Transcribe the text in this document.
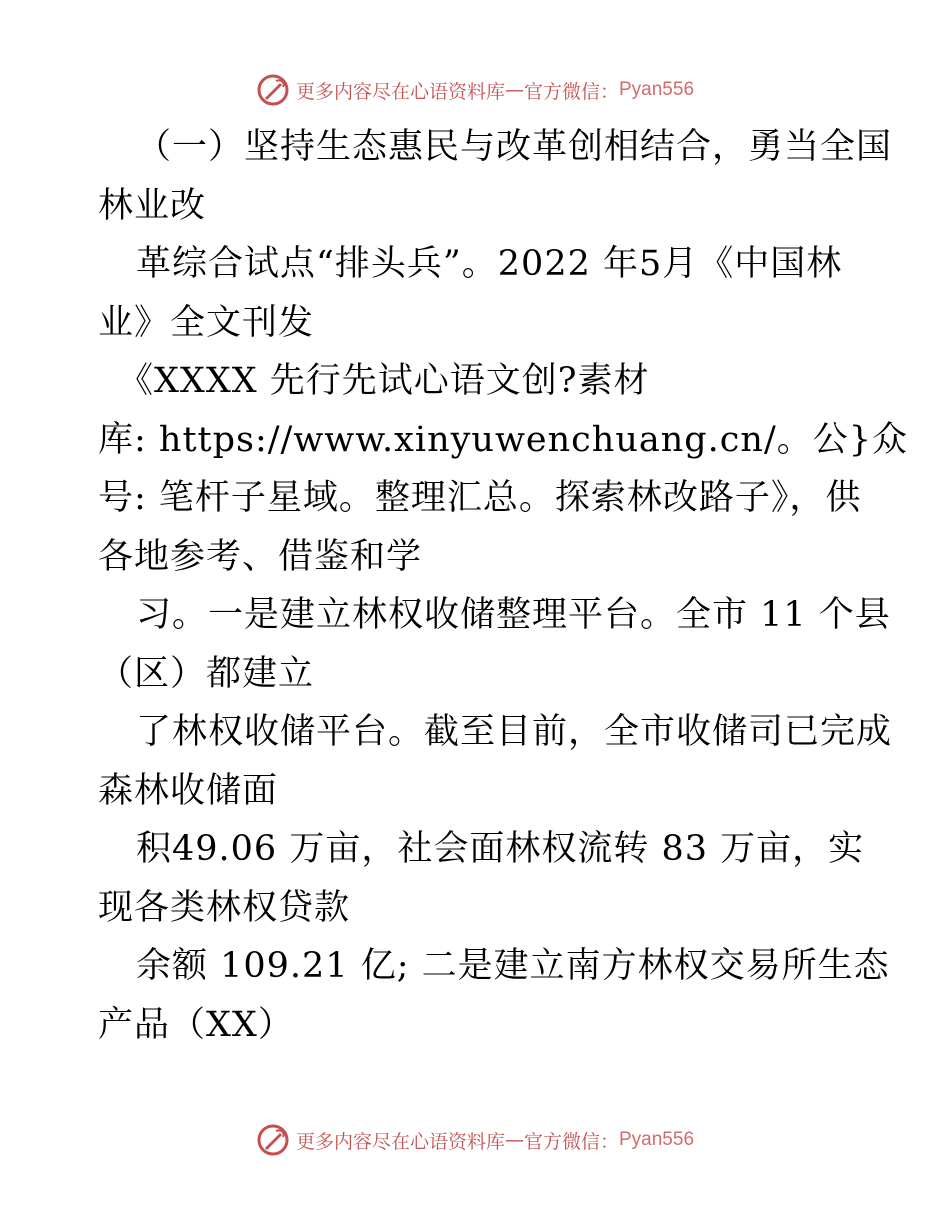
更多内容尽在心语资料库 — 官方微信： Pyan556
（一）坚持生态惠民与改革创相结合，勇当全国
林业改
革综合试点“排头兵”。2022 年5月《中国林
业》全文刊发
《XXXX 先行先试心语文创?素材
库: https://www.xinyuwenchuang.cn/。公}众
号: 笔杆子星域。整理汇总。探索林改路子》，供
各地参考、借鉴和学
习。一是建立林权收储整理平台。全市 11 个县
（区）都建立
了林权收储平台。截至目前，全市收储司已完成
森林收储面
积49.06 万亩，社会面林权流转 83 万亩，实
现各类林权贷款
余额 109.21 亿; 二是建立南方林权交易所生态
产品（XX）
更多内容尽在心语资料库 — 官方微信： Pyan556
